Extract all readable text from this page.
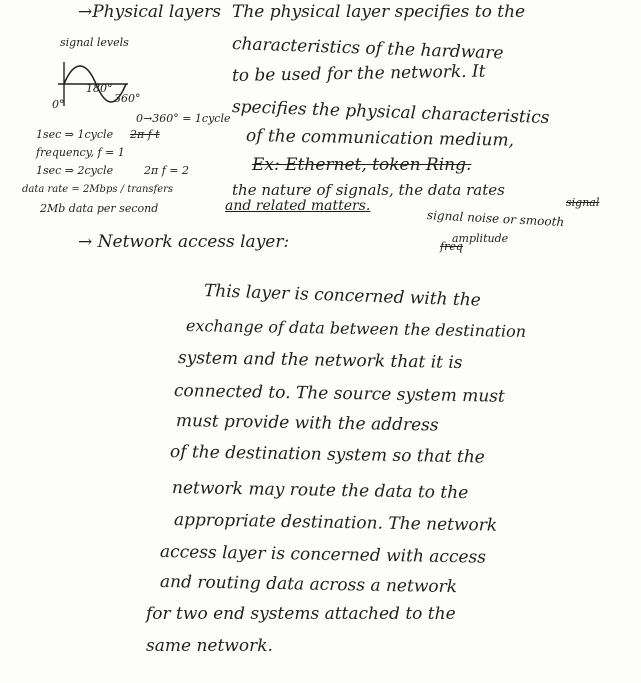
→Physical layers The physical layer specifies to the
characteristics of the hardware
to be used for the network. It
specifies the physical characteristics
of the communication medium,
Ex: Ethernet, token Ring.
the nature of signals, the data rates
and related matters.
signal noise or smooth
signal
amplitude
freq
signal levels
180°
360°
0°
0→360° = 1cycle
1sec ⇒ 1cycle 2π f t
frequency, f = 1
1sec ⇒ 2cycle	2π f = 2
data rate = 2Mbps / transfers
2Mb data per second
→ Network access layer:
This layer is concerned with the
exchange of data between the destination
system and the network that it is
connected to. The source system must
must provide with the address
of the destination system so that the
network may route the data to the
appropriate destination. The network
access layer is concerned with access
and routing data across a network
for two end systems attached to the
same network.
